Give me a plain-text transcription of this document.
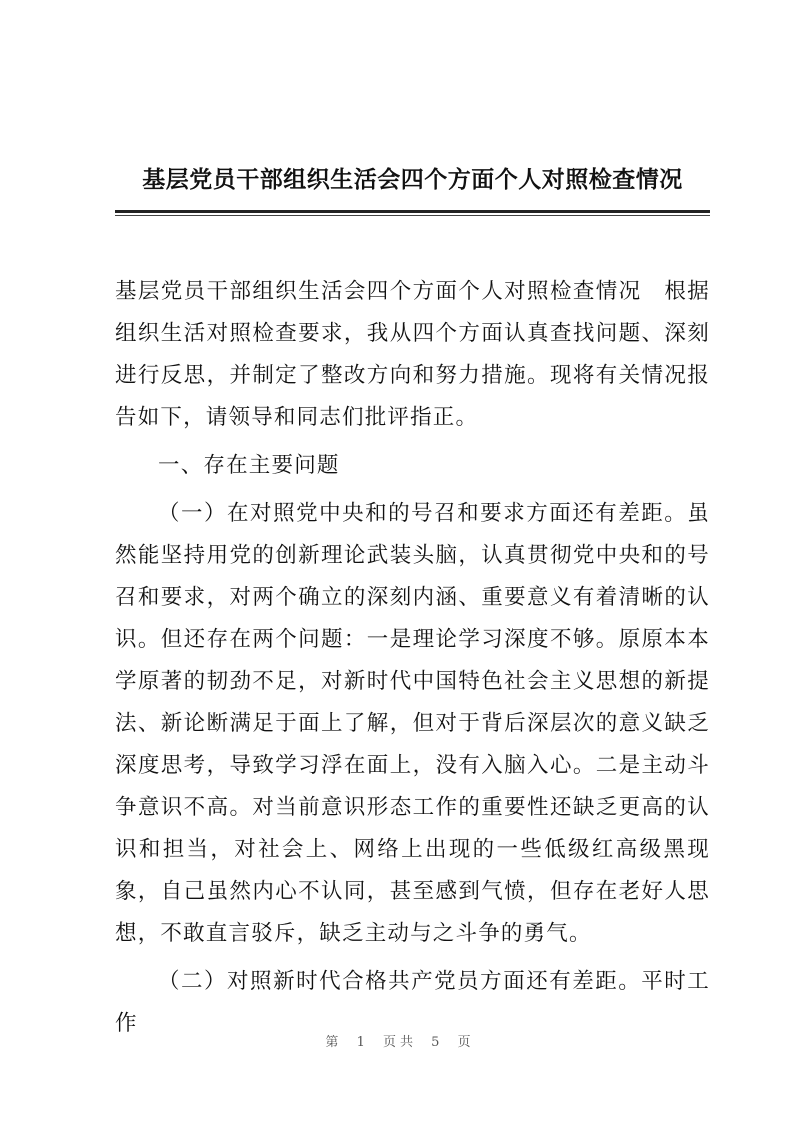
基层党员干部组织生活会四个方面个人对照检查情况

基层党员干部组织生活会四个方面个人对照检查情况　根据组织生活对照检查要求，我从四个方面认真查找问题、深刻进行反思，并制定了整改方向和努力措施。现将有关情况报告如下，请领导和同志们批评指正。

一、存在主要问题

（一）在对照党中央和的号召和要求方面还有差距。虽然能坚持用党的创新理论武装头脑，认真贯彻党中央和的号召和要求，对两个确立的深刻内涵、重要意义有着清晰的认识。但还存在两个问题：一是理论学习深度不够。原原本本学原著的韧劲不足，对新时代中国特色社会主义思想的新提法、新论断满足于面上了解，但对于背后深层次的意义缺乏深度思考，导致学习浮在面上，没有入脑入心。二是主动斗争意识不高。对当前意识形态工作的重要性还缺乏更高的认识和担当，对社会上、网络上出现的一些低级红高级黑现象，自己虽然内心不认同，甚至感到气愤，但存在老好人思想，不敢直言驳斥，缺乏主动与之斗争的勇气。

（二）对照新时代合格共产党员方面还有差距。平时工作

第 1 页共 5 页
